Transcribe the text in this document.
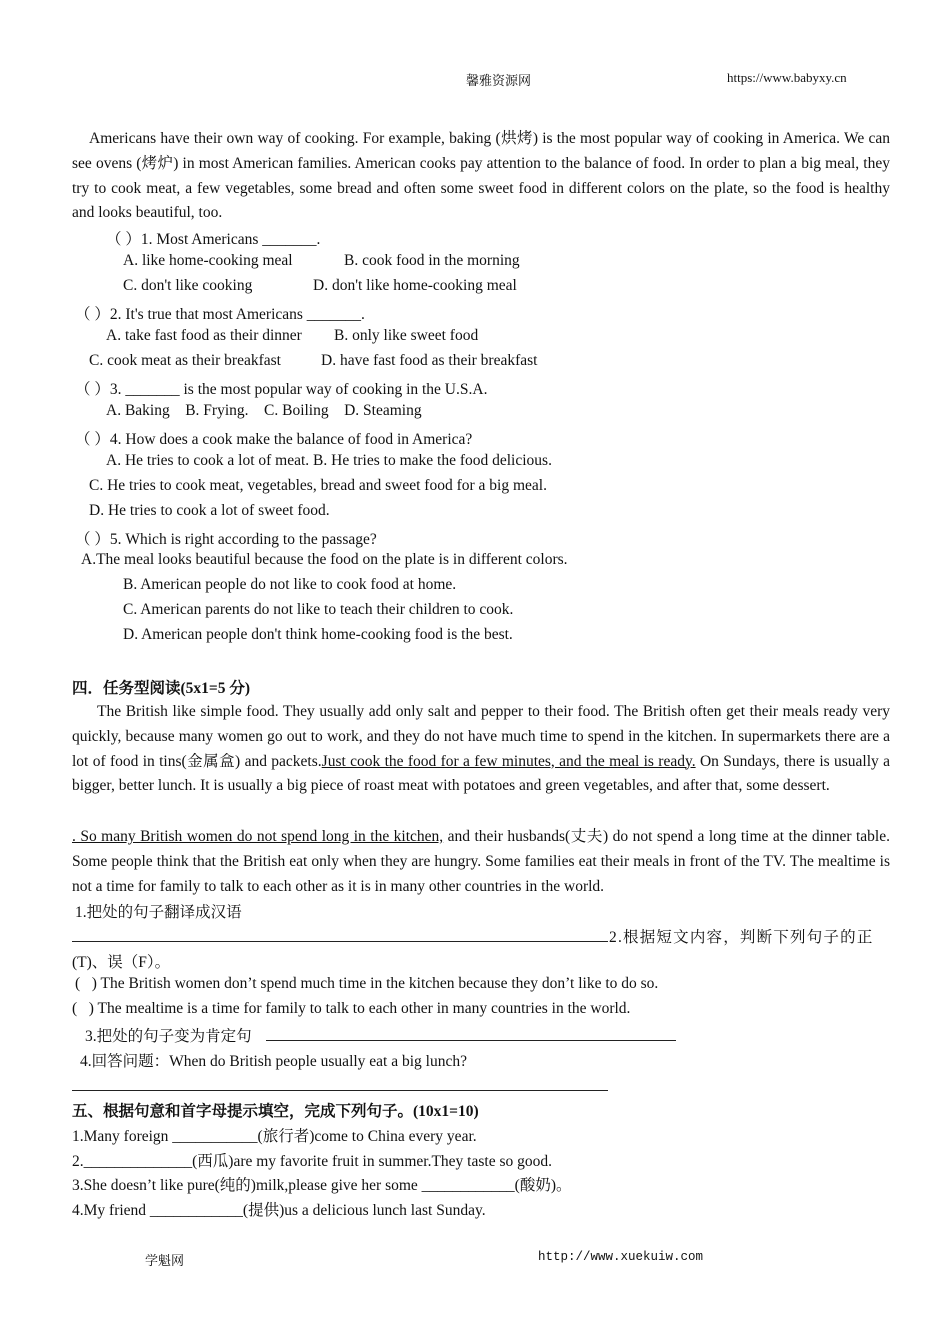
馨雅资源网	https://www.babyxy.cn
Americans have their own way of cooking. For example, baking (烘烤) is the most popular way of cooking in America. We can see ovens (烤炉) in most American families. American cooks pay attention to the balance of food. In order to plan a big meal, they try to cook meat, a few vegetables, some bread and often some sweet food in different colors on the plate, so the food is healthy and looks beautiful, too.
（ ）1. Most Americans _______.
A. like home-cooking meal	B. cook food in the morning
C. don't like cooking	D. don't like home-cooking meal
（ ）2. It's true that most Americans _______.
A. take fast food as their dinner B. only like sweet food
C. cook meat as their breakfast	D. have fast food as their breakfast
（ ）3. _______ is the most popular way of cooking in the U.S.A.
A. Baking    B. Frying.    C. Boiling    D. Steaming
（ ）4. How does a cook make the balance of food in America?
A. He tries to cook a lot of meat. B. He tries to make the food delicious.
C. He tries to cook meat, vegetables, bread and sweet food for a big meal.
D. He tries to cook a lot of sweet food.
（ ）5. Which is right according to the passage?
A.The meal looks beautiful because the food on the plate is in different colors.
B. American people do not like to cook food at home.
C. American parents do not like to teach their children to cook.
D. American people don't think home-cooking food is the best.
四．任务型阅读(5x1=5 分)
The British like simple food. They usually add only salt and pepper to their food. The British often get their meals ready very quickly, because many women go out to work, and they do not have much time to spend in the kitchen. In supermarkets there are a lot of food in tins(金属盒) and packets.Just cook the food for a few minutes, and the meal is ready. On Sundays, there is usually a bigger, better lunch. It is usually a big piece of roast meat with potatoes and green vegetables, and after that, some dessert.
. So many British women do not spend long in the kitchen, and their husbands(丈夫) do not spend a long time at the dinner table. Some people think that the British eat only when they are hungry. Some families eat their meals in front of the TV. The mealtime is not a time for family to talk to each other as it is in many other countries in the world.
1.把处的句子翻译成汉语
2.根据短文内容，判断下列句子的正
(T)、误（F）。
(   ) The British women don’t spend much time in the kitchen because they don’t like to do so.
(   ) The mealtime is a time for family to talk to each other in many countries in the world.
3.把处的句子变为肯定句
4.回答问题：When do British people usually eat a big lunch?
五、根据句意和首字母提示填空，完成下列句子。(10x1=10)
1.Many foreign ___________(旅行者)come to China every year.
2.______________(西瓜)are my favorite fruit in summer.They taste so good.
3.She doesn’t like pure(纯的)milk,please give her some ____________(酸奶)。
4.My friend ____________(提供)us a delicious lunch last Sunday.
学魁网	http://www.xuekuiw.com
